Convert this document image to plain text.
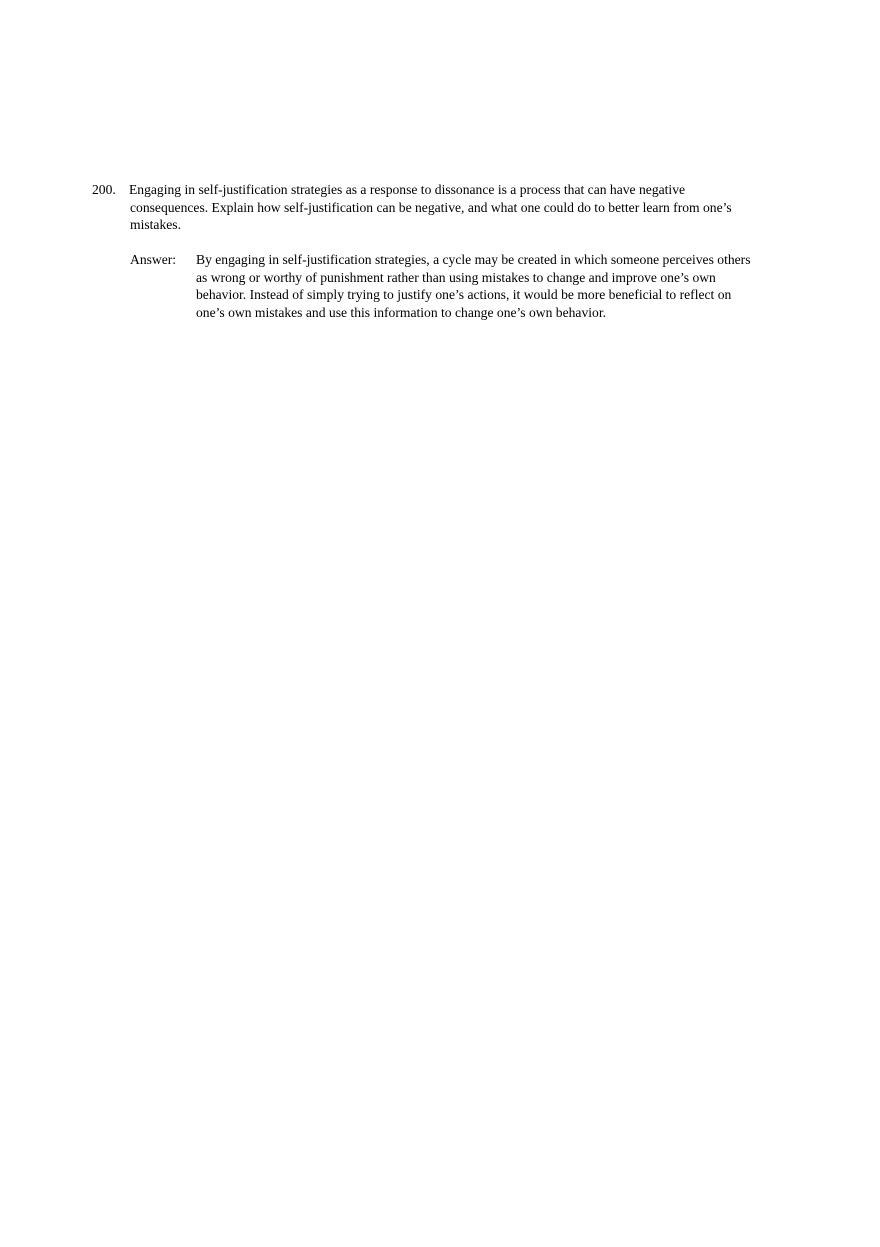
200. Engaging in self-justification strategies as a response to dissonance is a process that can have negative
consequences. Explain how self-justification can be negative, and what one could do to better learn from one’s
mistakes.
Answer:	By engaging in self-justification strategies, a cycle may be created in which someone perceives others
as wrong or worthy of punishment rather than using mistakes to change and improve one’s own
behavior. Instead of simply trying to justify one’s actions, it would be more beneficial to reflect on
one’s own mistakes and use this information to change one’s own behavior.
